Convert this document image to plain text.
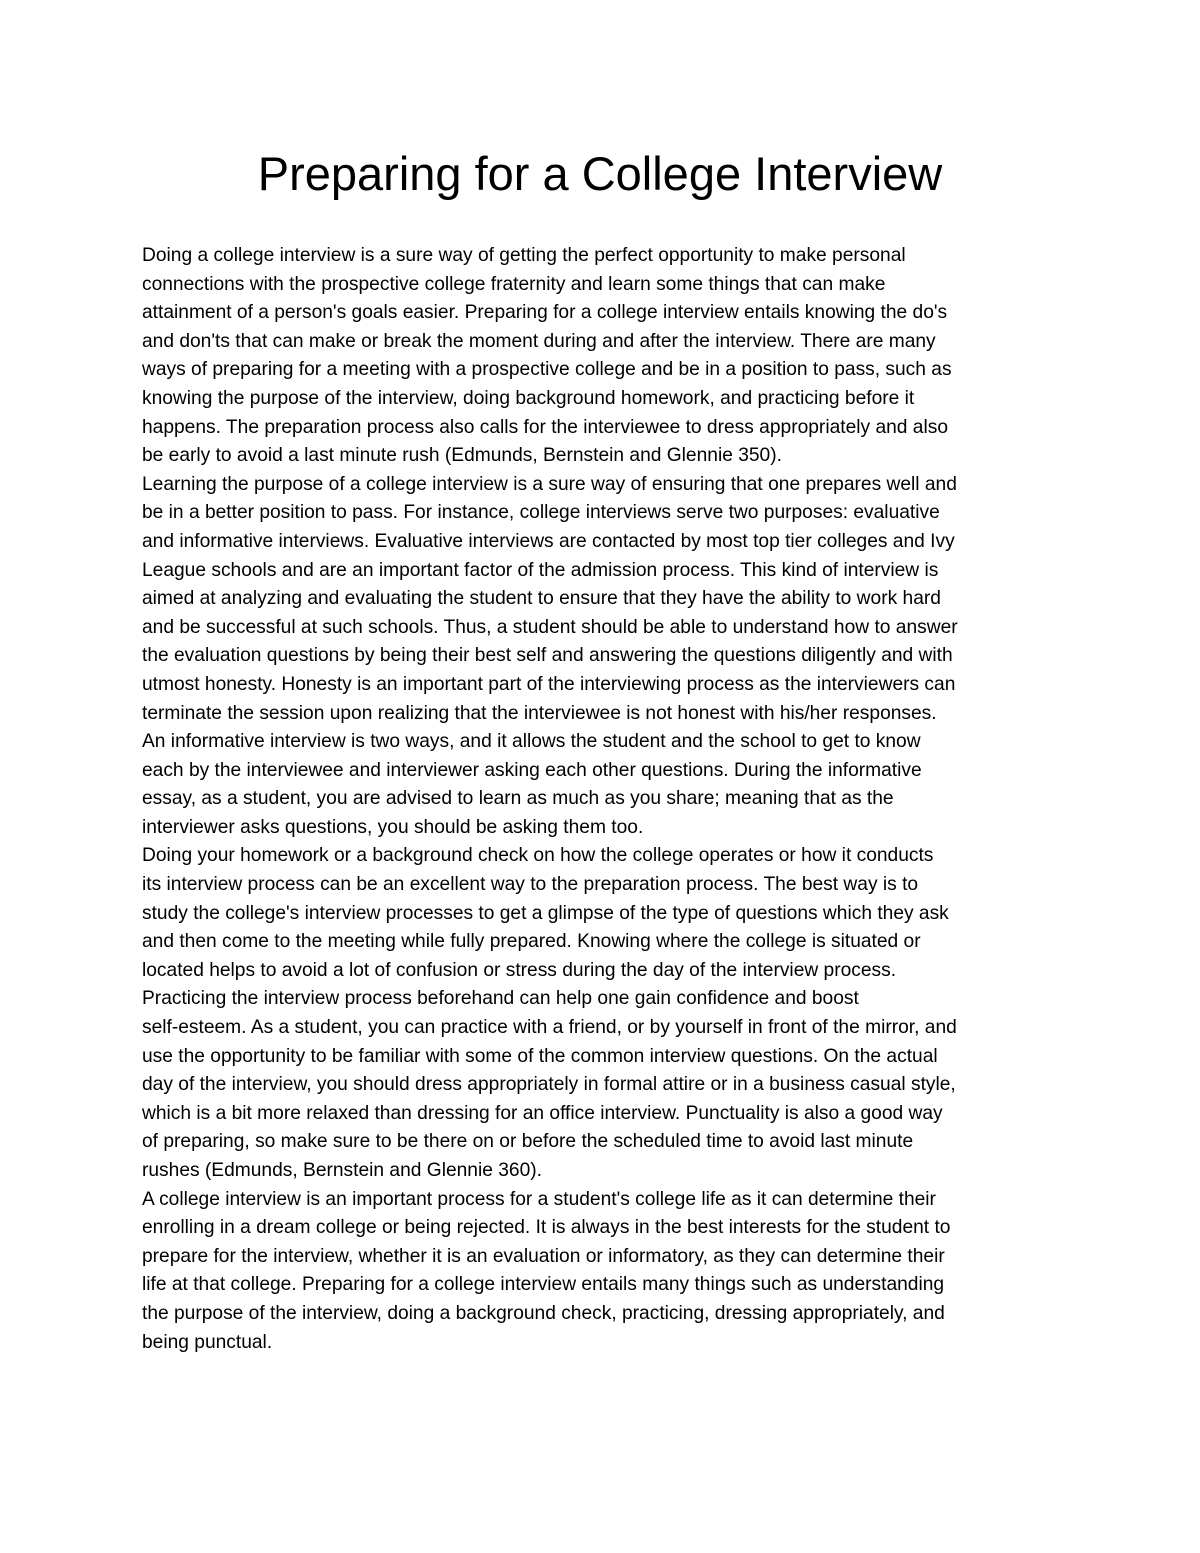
Preparing for a College Interview
Doing a college interview is a sure way of getting the perfect opportunity to make personal
connections with the prospective college fraternity and learn some things that can make
attainment of a person's goals easier. Preparing for a college interview entails knowing the do's
and don'ts that can make or break the moment during and after the interview. There are many
ways of preparing for a meeting with a prospective college and be in a position to pass, such as
knowing the purpose of the interview, doing background homework, and practicing before it
happens. The preparation process also calls for the interviewee to dress appropriately and also
be early to avoid a last minute rush (Edmunds, Bernstein and Glennie 350).
Learning the purpose of a college interview is a sure way of ensuring that one prepares well and
be in a better position to pass. For instance, college interviews serve two purposes: evaluative
and informative interviews. Evaluative interviews are contacted by most top tier colleges and Ivy
League schools and are an important factor of the admission process. This kind of interview is
aimed at analyzing and evaluating the student to ensure that they have the ability to work hard
and be successful at such schools. Thus, a student should be able to understand how to answer
the evaluation questions by being their best self and answering the questions diligently and with
utmost honesty. Honesty is an important part of the interviewing process as the interviewers can
terminate the session upon realizing that the interviewee is not honest with his/her responses.
An informative interview is two ways, and it allows the student and the school to get to know
each by the interviewee and interviewer asking each other questions. During the informative
essay, as a student, you are advised to learn as much as you share; meaning that as the
interviewer asks questions, you should be asking them too.
Doing your homework or a background check on how the college operates or how it conducts
its interview process can be an excellent way to the preparation process. The best way is to
study the college's interview processes to get a glimpse of the type of questions which they ask
and then come to the meeting while fully prepared. Knowing where the college is situated or
located helps to avoid a lot of confusion or stress during the day of the interview process.
Practicing the interview process beforehand can help one gain confidence and boost
self-esteem. As a student, you can practice with a friend, or by yourself in front of the mirror, and
use the opportunity to be familiar with some of the common interview questions. On the actual
day of the interview, you should dress appropriately in formal attire or in a business casual style,
which is a bit more relaxed than dressing for an office interview. Punctuality is also a good way
of preparing, so make sure to be there on or before the scheduled time to avoid last minute
rushes (Edmunds, Bernstein and Glennie 360).
A college interview is an important process for a student's college life as it can determine their
enrolling in a dream college or being rejected. It is always in the best interests for the student to
prepare for the interview, whether it is an evaluation or informatory, as they can determine their
life at that college. Preparing for a college interview entails many things such as understanding
the purpose of the interview, doing a background check, practicing, dressing appropriately, and
being punctual.
